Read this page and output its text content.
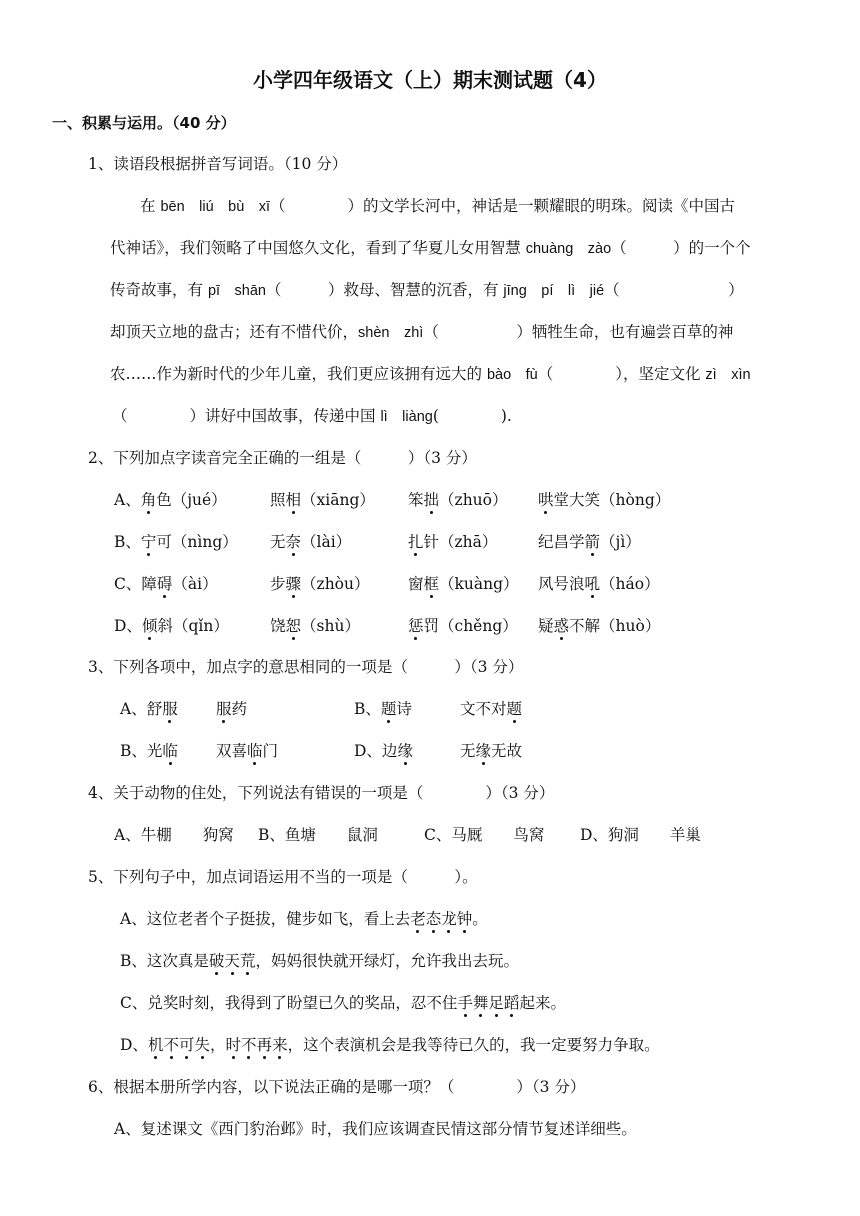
小学四年级语文（上）期末测试题（4）
一、积累与运用。（40 分）
1、读语段根据拼音写词语。（10 分）
在 bēn　liú　bù　xī（　　　　）的文学长河中，神话是一颗耀眼的明珠。阅读《中国古
代神话》，我们领略了中国悠久文化，看到了华夏儿女用智慧 chuàng　zào（　　　）的一个个
传奇故事，有 pī　shān（　　　）救母、智慧的沉香，有 jīng　pí　lì　jié（　　　　　　　）
却顶天立地的盘古；还有不惜代价，shèn　zhì（　　　　　）牺牲生命，也有遍尝百草的神
农……作为新时代的少年儿童，我们更应该拥有远大的 bào　fù（　　　　），坚定文化 zì　xìn
（　　　　）讲好中国故事，传递中国 lì　liàng(　　　　).
2、下列加点字读音完全正确的一组是（　　　）（3 分）
A、角色（jué）	照相（xiāng） 笨拙（zhuō） 哄堂大笑（hòng）
B、宁可（nìng） 无奈（lài）	扎针（zhā）	纪昌学箭（jì）
C、障碍（ài）	步骤（zhòu） 窗框（kuàng） 风号浪吼（háo）
D、倾斜（qǐn）	饶恕（shù）	惩罚（chěng） 疑惑不解（huò）
3、下列各项中，加点字的意思相同的一项是（　　　）（3 分）
A、舒服 服药	B、题诗	文不对题
B、光临 双喜临门	D、边缘	无缘无故
4、关于动物的住处，下列说法有错误的一项是（　　　　）（3 分）
A、牛棚　　狗窝 B、鱼塘　　鼠洞	C、马厩　　鸟窝 D、狗洞　　羊巢
5、下列句子中，加点词语运用不当的一项是（　　　）。
A、这位老者个子挺拔，健步如飞，看上去老态龙钟。
B、这次真是破天荒，妈妈很快就开绿灯，允许我出去玩。
C、兑奖时刻，我得到了盼望已久的奖品，忍不住手舞足蹈起来。
D、机不可失，时不再来，这个表演机会是我等待已久的，我一定要努力争取。
6、根据本册所学内容，以下说法正确的是哪一项？（　　　　）（3 分）
A、复述课文《西门豹治邺》时，我们应该调查民情这部分情节复述详细些。
